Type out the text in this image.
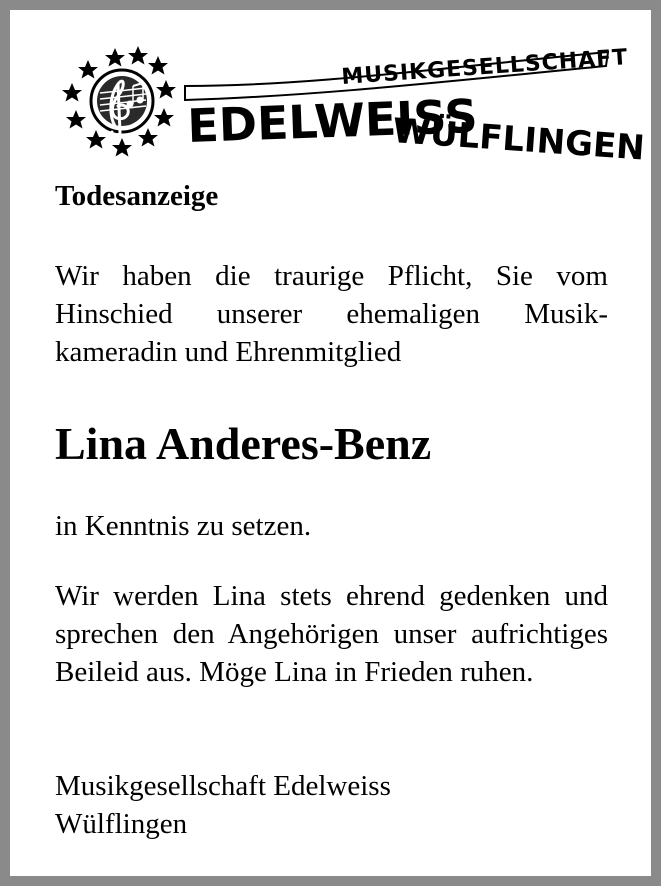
MUSIKGESELLSCHAFT
EDELWEISS
WÜLFLINGEN
Todesanzeige

Wir haben die traurige Pflicht, Sie vom Hinschied unserer ehemaligen Musik-kameradin und Ehrenmitglied

Lina Anderes-Benz

in Kenntnis zu setzen.

Wir werden Lina stets ehrend gedenken und sprechen den Angehörigen unser aufrichtiges Beileid aus. Möge Lina in Frieden ruhen.

Musikgesellschaft Edelweiss
Wülflingen
